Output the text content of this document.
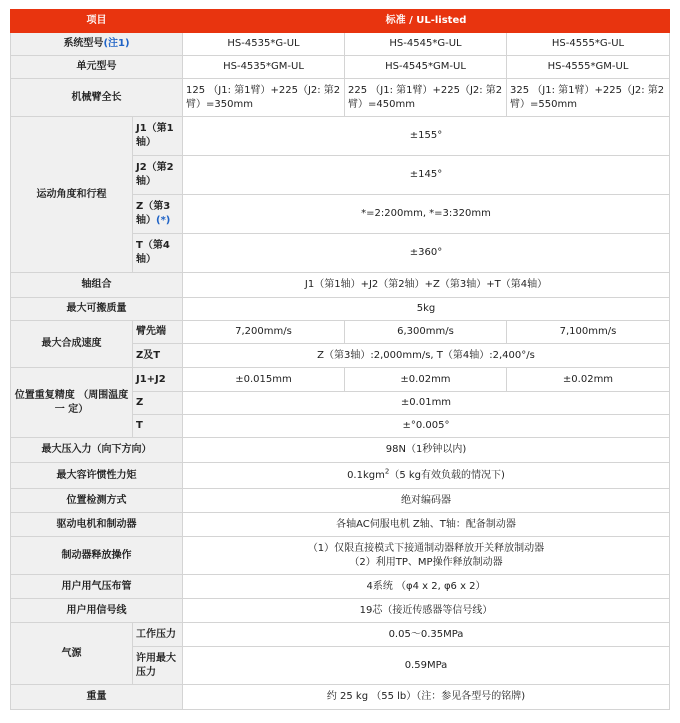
项目		标准 / UL-listed		
系统型号(注1)		HS-4535*G-UL	HS-4545*G-UL	HS-4555*G-UL
单元型号		HS-4535*GM-UL	HS-4545*GM-UL	HS-4555*GM-UL
机械臂全长		125 （J1: 第1臂）+225（J2: 第2臂）=350mm	225 （J1: 第1臂）+225（J2: 第2臂）=450mm	325 （J1: 第1臂）+225（J2: 第2臂）=550mm
运动角度和行程	J1（第1轴）	±155°		
	J2（第2轴）	±145°		
	Z（第3轴）(*)	*=2:200mm, *=3:320mm		
	T（第4轴）	±360°		
轴组合		J1（第1轴）+J2（第2轴）+Z（第3轴）+T（第4轴）		
最大可搬质量		5kg		
最大合成速度	臂先端	7,200mm/s	6,300mm/s	7,100mm/s
	Z及T	Z（第3轴）:2,000mm/s, T（第4轴）:2,400°/s		
位置重复精度 （周围温度一 定）	J1+J2	±0.015mm	±0.02mm	±0.02mm
	Z	±0.01mm		
	T	±°0.005°		
最大压入力（向下方向）		98N（1秒钟以内)		
最大容许惯性力矩		0.1kgm$^2$（5 kg有效负载的情况下)		
位置检测方式		绝对编码器		
驱动电机和制动器		各轴AC伺服电机 Z轴、T轴：配备制动器		
制动器释放操作		（1）仅限直接模式下接通制动器释放开关释放制动器
（2）利用TP、MP操作释放制动器		
用户用气压布管		4系统 （φ4 x 2, φ6 x 2）		
用户用信号线		19芯（接近传感器等信号线）		
气源	工作压力	0.05～0.35MPa		
	许用最大压力	0.59MPa		
重量		约 25 kg （55 lb）（注：参见各型号的铭牌)		
